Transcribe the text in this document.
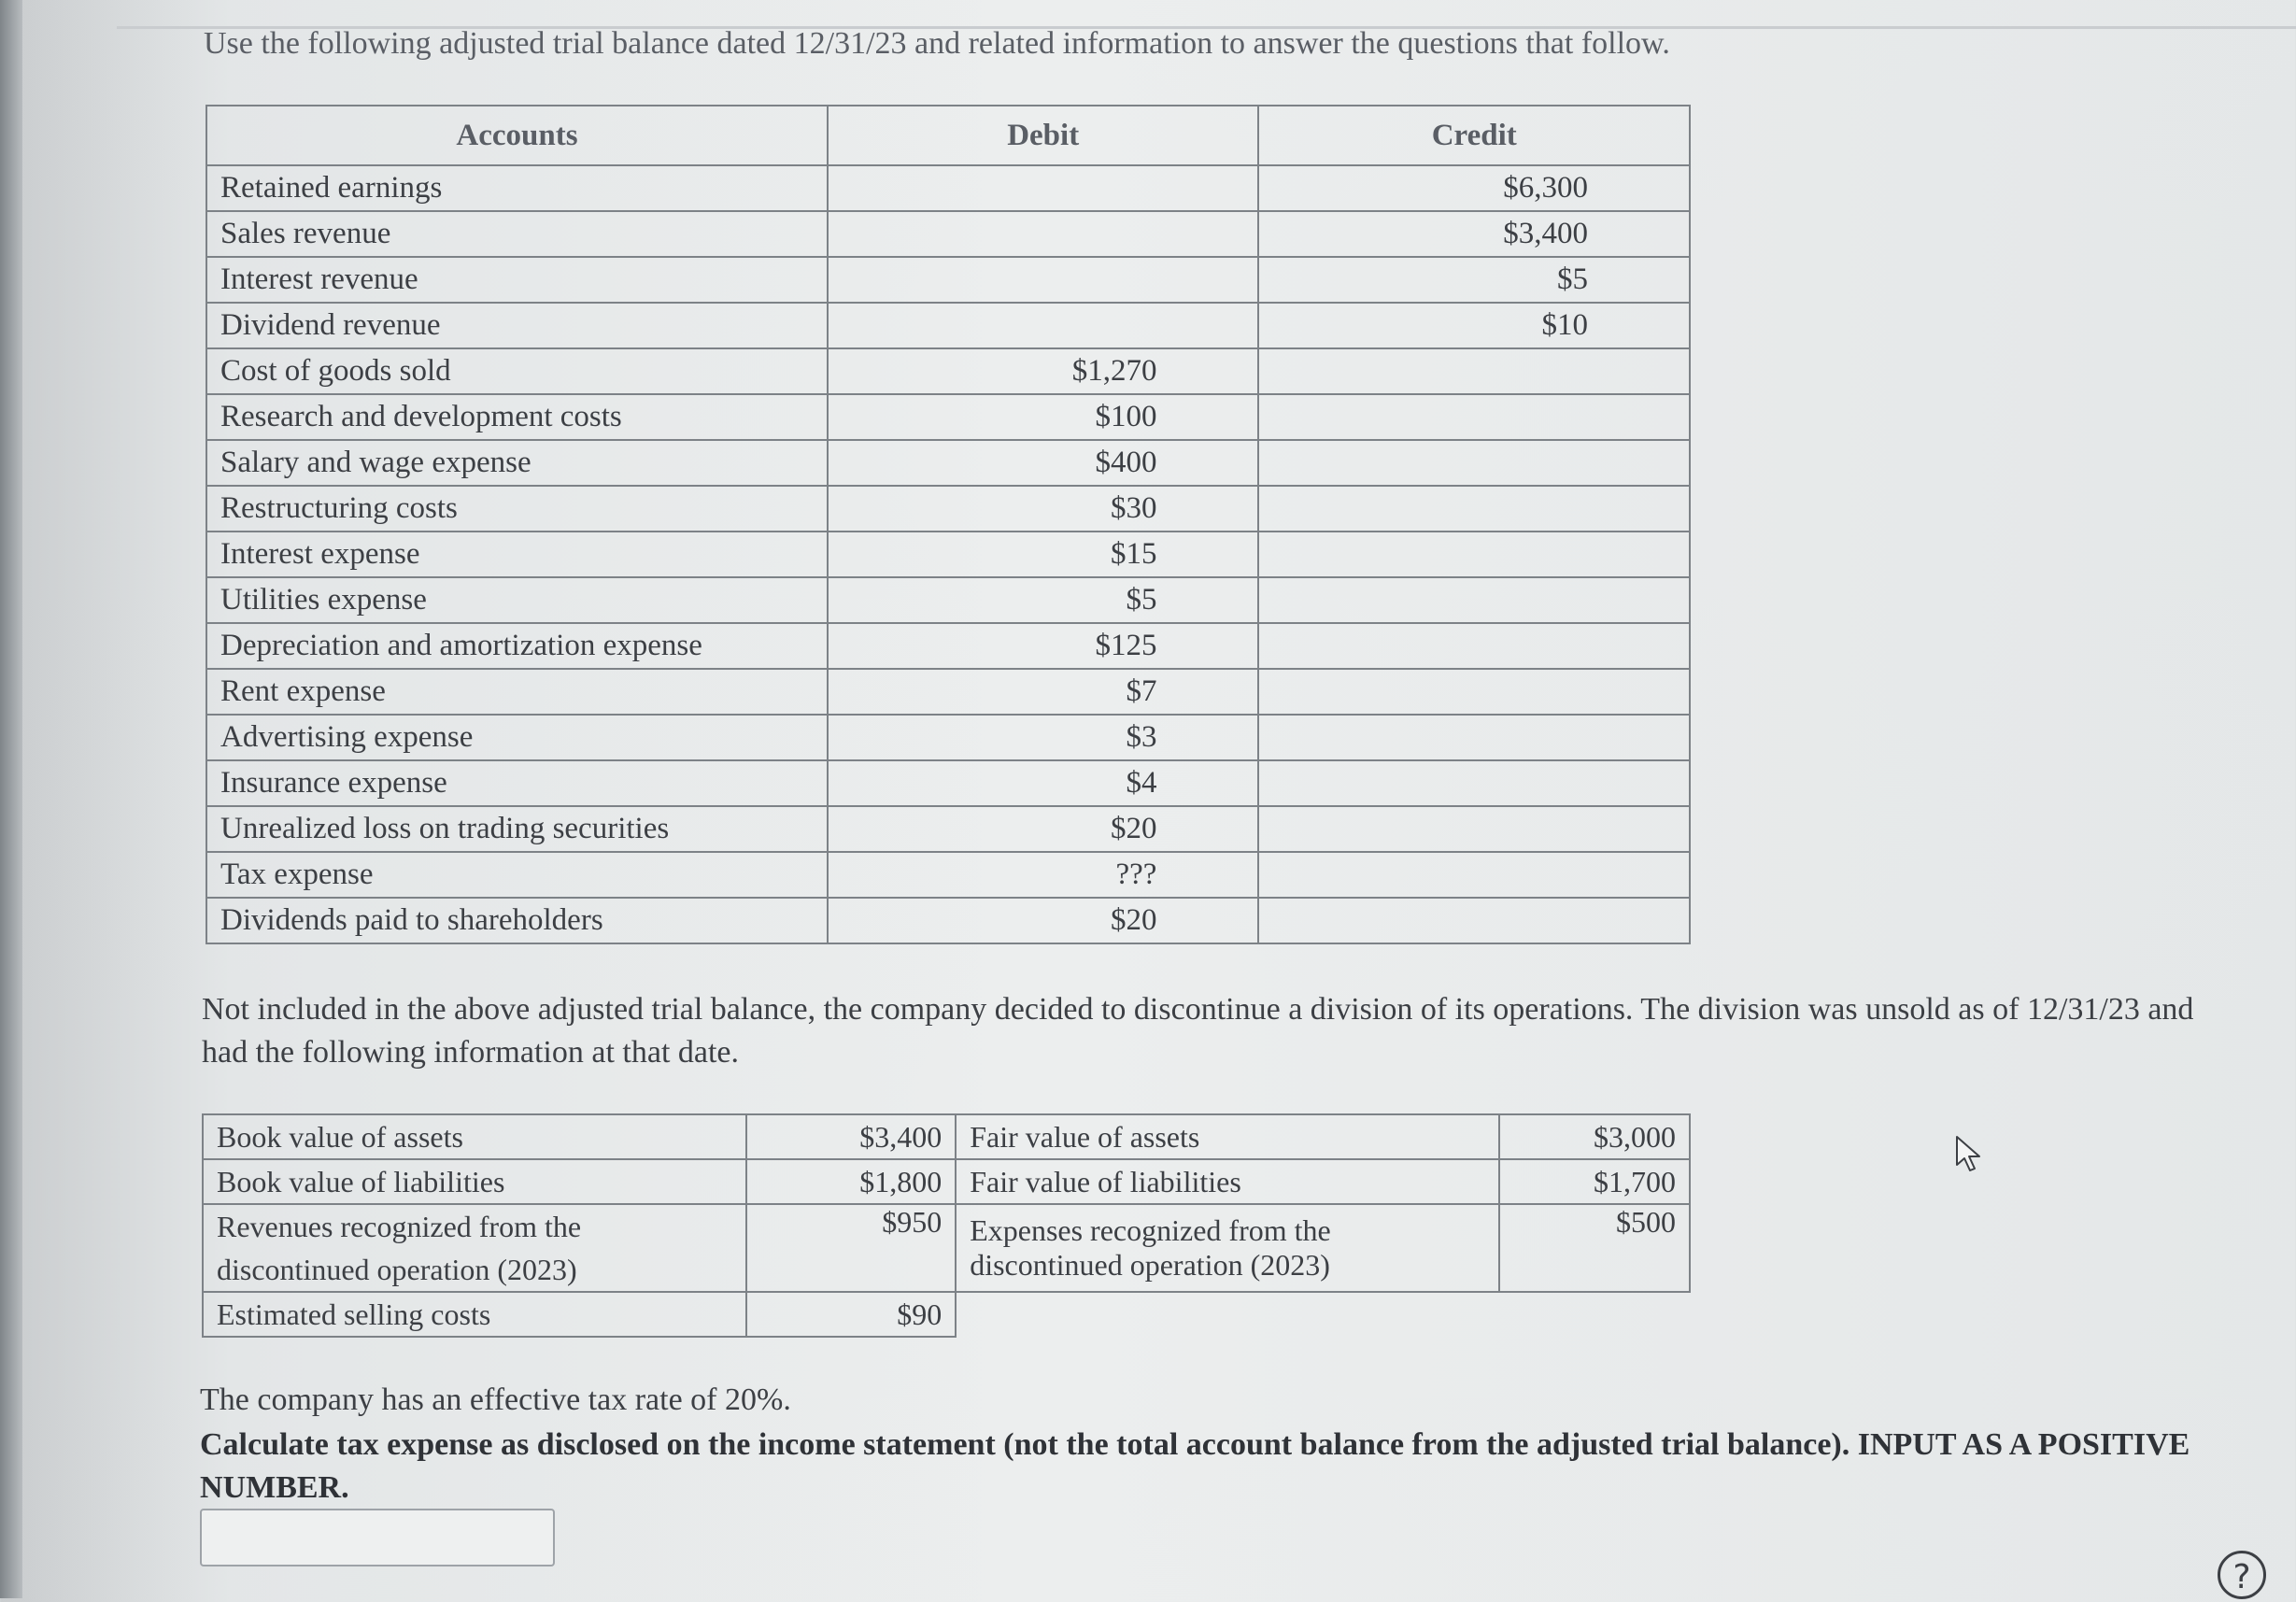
Use the following adjusted trial balance dated 12/31/23 and related information to answer the questions that follow.
Accounts	Debit	Credit
Retained earnings		$6,300
Sales revenue		$3,400
Interest revenue		$5
Dividend revenue		$10
Cost of goods sold	$1,270	
Research and development costs	$100	
Salary and wage expense	$400	
Restructuring costs	$30	
Interest expense	$15	
Utilities expense	$5	
Depreciation and amortization expense	$125	
Rent expense	$7	
Advertising expense	$3	
Insurance expense	$4	
Unrealized loss on trading securities	$20	
Tax expense	???	
Dividends paid to shareholders	$20	
Not included in the above adjusted trial balance, the company decided to discontinue a division of its operations. The division was unsold as of 12/31/23 and had the following information at that date.
Book value of assets	$3,400	Fair value of assets	$3,000
Book value of liabilities	$1,800	Fair value of liabilities	$1,700
Revenues recognized from the discontinued operation (2023)	$950	Expenses recognized from the discontinued operation (2023)	$500
Estimated selling costs	$90		
The company has an effective tax rate of 20%.
Calculate tax expense as disclosed on the income statement (not the total account balance from the adjusted trial balance). INPUT AS A POSITIVE NUMBER.
?
